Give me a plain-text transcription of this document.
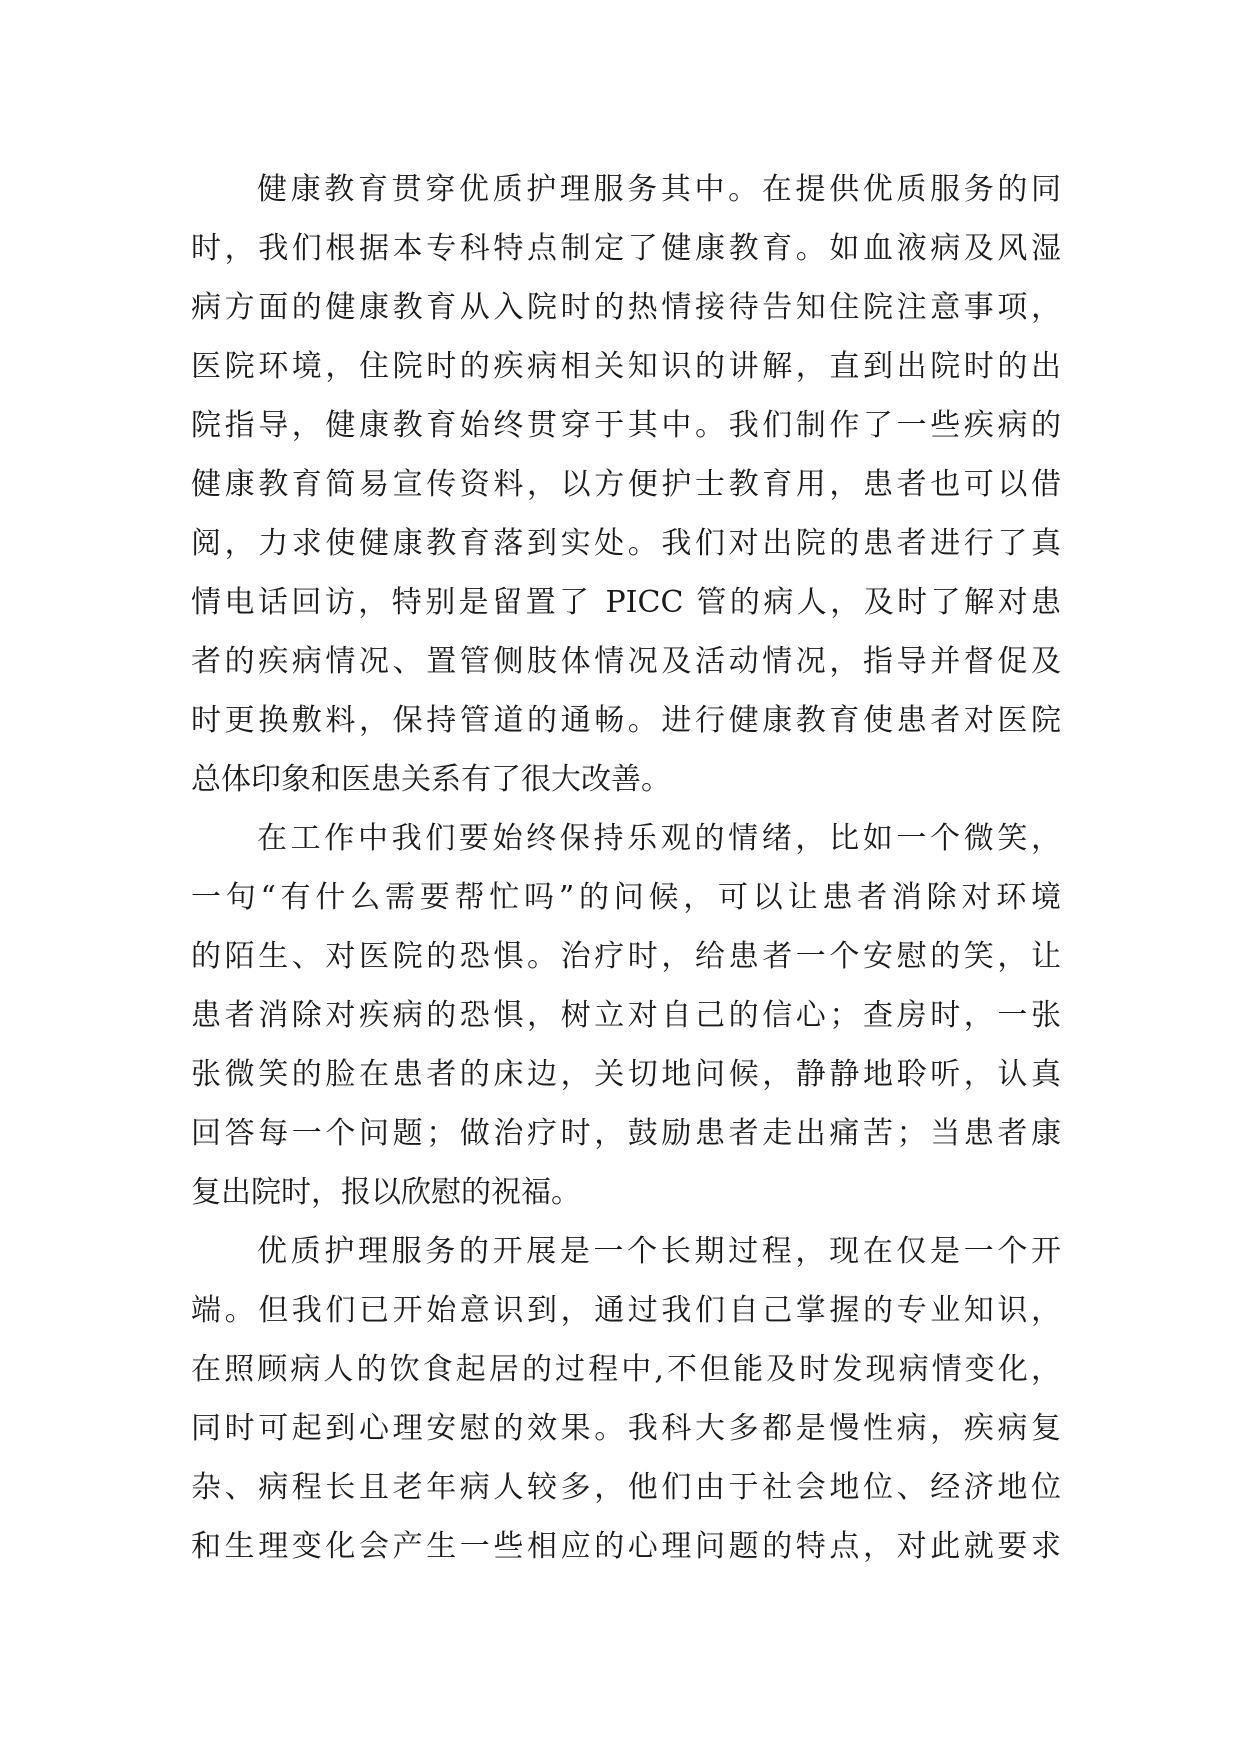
健康教育贯穿优质护理服务其中。在提供优质服务的同
时，我们根据本专科特点制定了健康教育。如血液病及风湿
病方面的健康教育从入院时的热情接待告知住院注意事项，
医院环境，住院时的疾病相关知识的讲解，直到出院时的出
院指导，健康教育始终贯穿于其中。我们制作了一些疾病的
健康教育简易宣传资料，以方便护士教育用，患者也可以借
阅，力求使健康教育落到实处。我们对出院的患者进行了真
情电话回访，特别是留置了 PICC 管的病人，及时了解对患
者的疾病情况、置管侧肢体情况及活动情况，指导并督促及
时更换敷料，保持管道的通畅。进行健康教育使患者对医院
总体印象和医患关系有了很大改善。
在工作中我们要始终保持乐观的情绪，比如一个微笑，
一句“有什么需要帮忙吗”的问候，可以让患者消除对环境
的陌生、对医院的恐惧。治疗时，给患者一个安慰的笑，让
患者消除对疾病的恐惧，树立对自己的信心；查房时，一张
张微笑的脸在患者的床边，关切地问候，静静地聆听，认真
回答每一个问题；做治疗时，鼓励患者走出痛苦；当患者康
复出院时，报以欣慰的祝福。
优质护理服务的开展是一个长期过程，现在仅是一个开
端。但我们已开始意识到，通过我们自己掌握的专业知识，
在照顾病人的饮食起居的过程中,不但能及时发现病情变化，
同时可起到心理安慰的效果。我科大多都是慢性病，疾病复
杂、病程长且老年病人较多，他们由于社会地位、经济地位
和生理变化会产生一些相应的心理问题的特点，对此就要求
